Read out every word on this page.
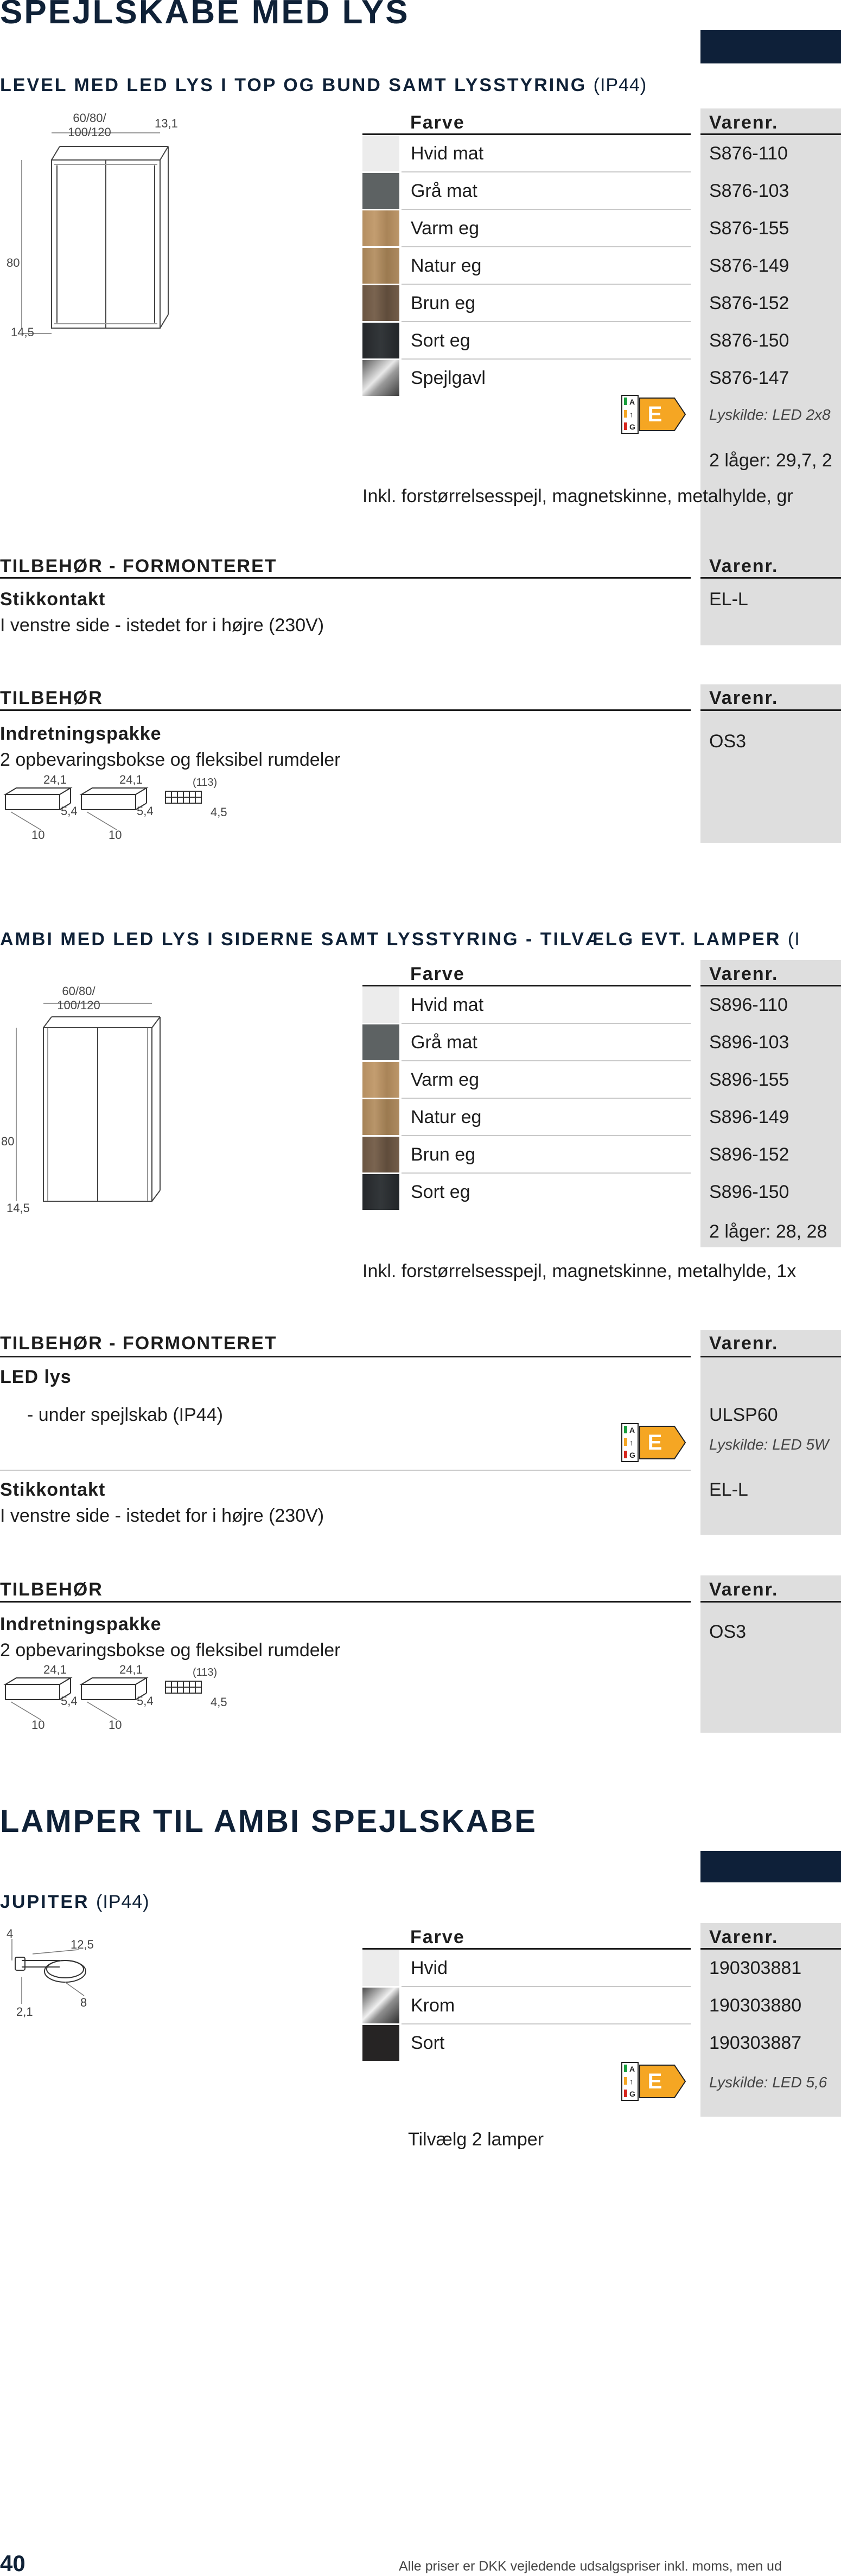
SPEJLSKABE MED LYS
LEVEL MED LED LYS I TOP OG BUND SAMT LYSSTYRING (IP44)
60/80/
100/120
13,1
80
14,5
Farve	Varenr.
Hvid mat	S876-110
Grå mat	S876-103
Varm eg	S876-155
Natur eg	S876-149
Brun eg	S876-152
Sort eg	S876-150
Spejlgavl	S876-147
A
↑
G
E	Lyskilde: LED 2x8
2 låger: 29,7, 2
Inkl. forstørrelsesspejl, magnetskinne, metalhylde, gr
TILBEHØR - FORMONTERET	Varenr.
Stikkontakt
I venstre side - istedet for i højre (230V)
EL-L
TILBEHØR	Varenr.
Indretningspakke
2 opbevaringsbokse og fleksibel rumdeler
OS3
24,1	24,1	(113)
5,4	5,4	4,5
10	10
AMBI MED LED LYS I SIDERNE SAMT LYSSTYRING - TILVÆLG EVT. LAMPER (I
60/80/
100/120
80
14,5
Farve	Varenr.
Hvid mat	S896-110
Grå mat	S896-103
Varm eg	S896-155
Natur eg	S896-149
Brun eg	S896-152
Sort eg	S896-150
2 låger: 28, 28
Inkl. forstørrelsesspejl, magnetskinne, metalhylde, 1x
TILBEHØR - FORMONTERET	Varenr.
LED lys
- under spejlskab (IP44)	ULSP60
A
↑
G
E	Lyskilde: LED 5W
Stikkontakt
I venstre side - istedet for i højre (230V)
EL-L
TILBEHØR	Varenr.
Indretningspakke
2 opbevaringsbokse og fleksibel rumdeler
OS3
24,1	24,1	(113)
5,4	5,4	4,5
10	10
LAMPER TIL AMBI SPEJLSKABE
JUPITER (IP44)
4
12,5
8
2,1
Farve	Varenr.
Hvid	190303881
Krom	190303880
Sort	190303887
A
↑
G
E	Lyskilde: LED 5,6
Tilvælg 2 lamper
40	Alle priser er DKK vejledende udsalgspriser inkl. moms, men ud
